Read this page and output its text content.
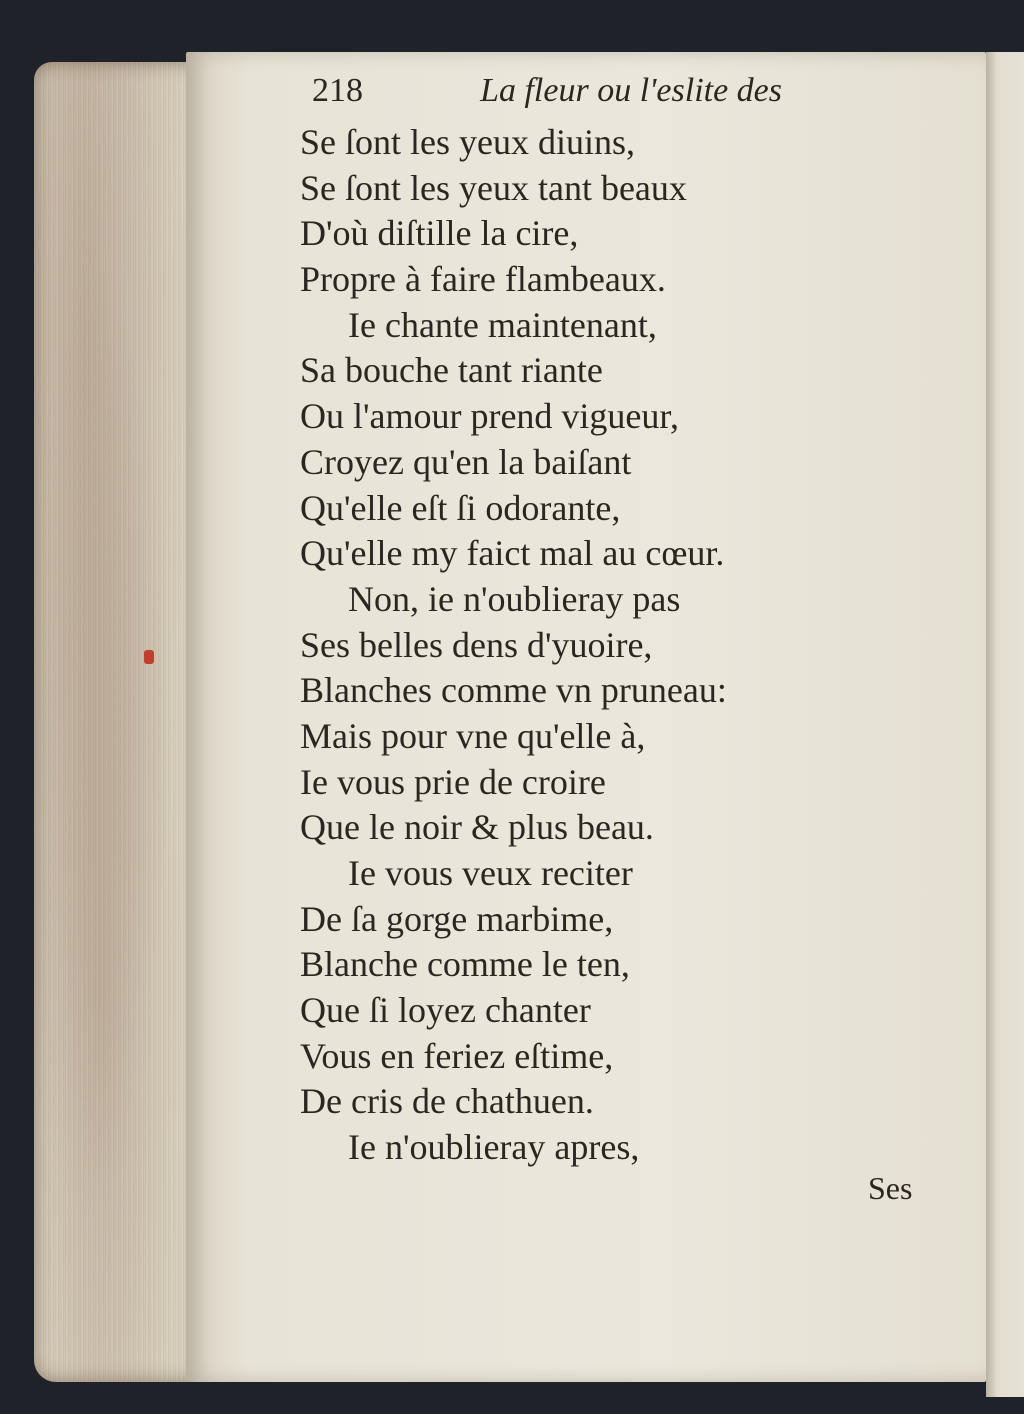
218	La fleur ou l'eslite des
Se ſont les yeux diuins,
Se ſont les yeux tant beaux
D'où diſtille la cire,
Propre à faire flambeaux.
Ie chante maintenant,
Sa bouche tant riante
Ou l'amour prend vigueur,
Croyez qu'en la baiſant
Qu'elle eſt ſi odorante,
Qu'elle my faict mal au cœur.
Non, ie n'oublieray pas
Ses belles dens d'yuoire,
Blanches comme vn pruneau:
Mais pour vne qu'elle à,
Ie vous prie de croire
Que le noir & plus beau.
Ie vous veux reciter
De ſa gorge marbime,
Blanche comme le ten,
Que ſi loyez chanter
Vous en feriez eſtime,
De cris de chathuen.
Ie n'oublieray apres,
Ses
